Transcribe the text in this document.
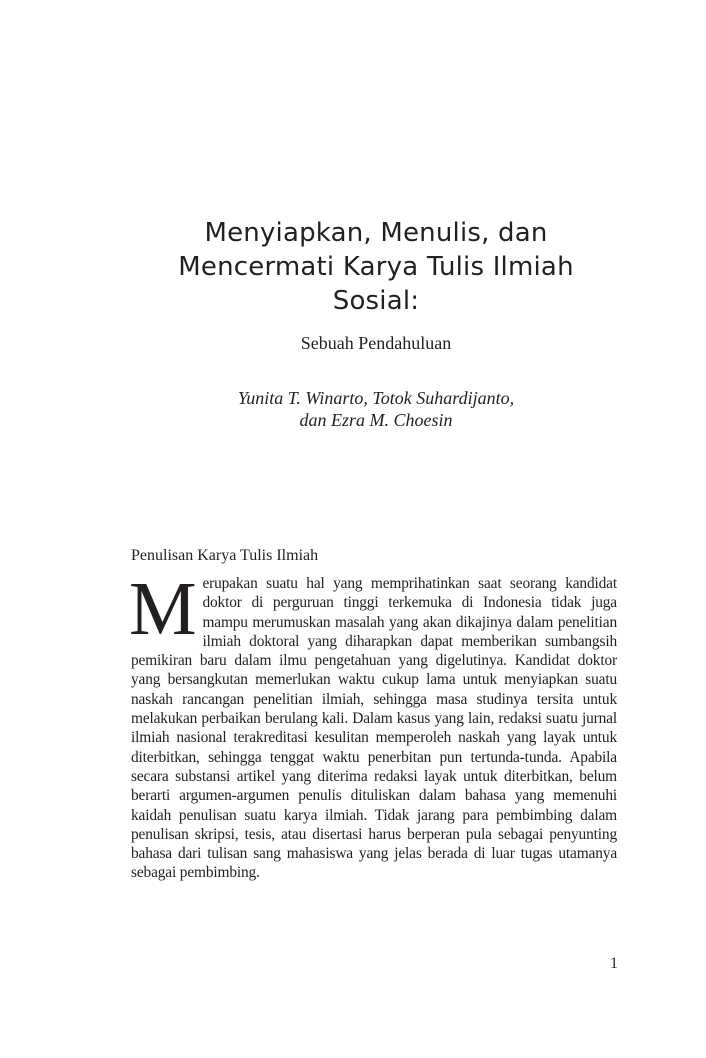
Menyiapkan, Menulis, dan
Mencermati Karya Tulis Ilmiah
Sosial:

Sebuah Pendahuluan

Yunita T. Winarto, Totok Suhardijanto,
dan Ezra M. Choesin

Penulisan Karya Tulis Ilmiah

Merupakan suatu hal yang memprihatinkan saat seorang kandidat doktor di perguruan tinggi terkemuka di Indonesia tidak juga mampu merumuskan masalah yang akan dikajinya dalam penelitian ilmiah doktoral yang diharapkan dapat memberikan sumbangsih pemikiran baru dalam ilmu pengetahuan yang digelutinya. Kandidat doktor yang bersangkutan memerlukan waktu cukup lama untuk menyiapkan suatu naskah rancangan penelitian ilmiah, sehingga masa studinya tersita untuk melakukan perbaikan berulang kali. Dalam kasus yang lain, redaksi suatu jurnal ilmiah nasional terakreditasi kesulitan memperoleh naskah yang layak untuk diterbitkan, sehingga tenggat waktu penerbitan pun tertunda-tunda. Apabila secara substansi artikel yang diterima redaksi layak untuk diterbitkan, belum berarti argumen-argumen penulis dituliskan dalam bahasa yang memenuhi kaidah penulisan suatu karya ilmiah. Tidak jarang para pembimbing dalam penulisan skripsi, tesis, atau disertasi harus berperan pula sebagai penyunting bahasa dari tulisan sang mahasiswa yang jelas berada di luar tugas utamanya sebagai pembimbing.

1
